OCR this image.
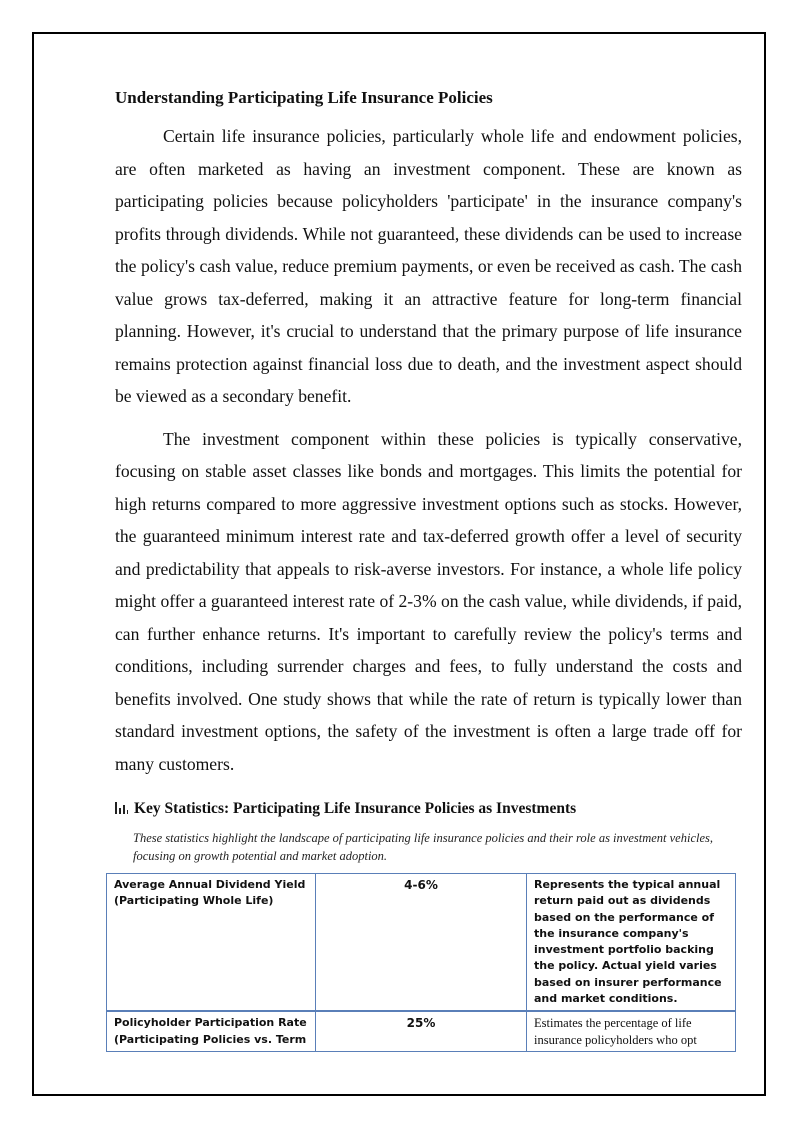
Understanding Participating Life Insurance Policies

Certain life insurance policies, particularly whole life and endowment policies, are often marketed as having an investment component. These are known as participating policies because policyholders 'participate' in the insurance company's profits through dividends. While not guaranteed, these dividends can be used to increase the policy's cash value, reduce premium payments, or even be received as cash. The cash value grows tax-deferred, making it an attractive feature for long-term financial planning. However, it's crucial to understand that the primary purpose of life insurance remains protection against financial loss due to death, and the investment aspect should be viewed as a secondary benefit.

The investment component within these policies is typically conservative, focusing on stable asset classes like bonds and mortgages. This limits the potential for high returns compared to more aggressive investment options such as stocks. However, the guaranteed minimum interest rate and tax-deferred growth offer a level of security and predictability that appeals to risk-averse investors. For instance, a whole life policy might offer a guaranteed interest rate of 2-3% on the cash value, while dividends, if paid, can further enhance returns. It's important to carefully review the policy's terms and conditions, including surrender charges and fees, to fully understand the costs and benefits involved. One study shows that while the rate of return is typically lower than standard investment options, the safety of the investment is often a large trade off for many customers.

Key Statistics: Participating Life Insurance Policies as Investments
These statistics highlight the landscape of participating life insurance policies and their role as investment vehicles, focusing on growth potential and market adoption.
Average Annual Dividend Yield (Participating Whole Life)	4-6%	Represents the typical annual return paid out as dividends based on the performance of the insurance company's investment portfolio backing the policy. Actual yield varies based on insurer performance and market conditions.
Policyholder Participation Rate (Participating Policies vs. Term	25%	Estimates the percentage of life insurance policyholders who opt
